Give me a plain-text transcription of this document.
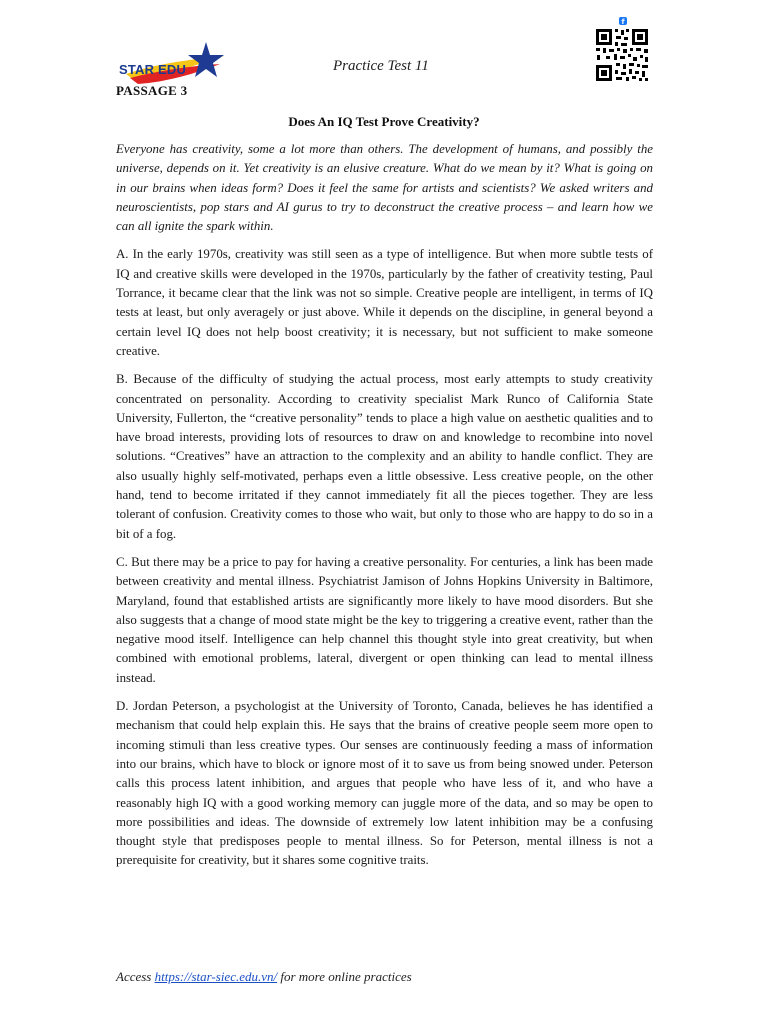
STAR EDU
PASSAGE 3
Practice Test 11
f
Does An IQ Test Prove Creativity?

Everyone has creativity, some a lot more than others. The development of humans, and possibly the universe, depends on it. Yet creativity is an elusive creature. What do we mean by it? What is going on in our brains when ideas form? Does it feel the same for artists and scientists? We asked writers and neuroscientists, pop stars and AI gurus to try to deconstruct the creative process – and learn how we can all ignite the spark within.

A. In the early 1970s, creativity was still seen as a type of intelligence. But when more subtle tests of IQ and creative skills were developed in the 1970s, particularly by the father of creativity testing, Paul Torrance, it became clear that the link was not so simple. Creative people are intelligent, in terms of IQ tests at least, but only averagely or just above. While it depends on the discipline, in general beyond a certain level IQ does not help boost creativity; it is necessary, but not sufficient to make someone creative.

B. Because of the difficulty of studying the actual process, most early attempts to study creativity concentrated on personality. According to creativity specialist Mark Runco of California State University, Fullerton, the “creative personality” tends to place a high value on aesthetic qualities and to have broad interests, providing lots of resources to draw on and knowledge to recombine into novel solutions. “Creatives” have an attraction to the complexity and an ability to handle conflict. They are also usually highly self-motivated, perhaps even a little obsessive. Less creative people, on the other hand, tend to become irritated if they cannot immediately fit all the pieces together. They are less tolerant of confusion. Creativity comes to those who wait, but only to those who are happy to do so in a bit of a fog.

C. But there may be a price to pay for having a creative personality. For centuries, a link has been made between creativity and mental illness. Psychiatrist Jamison of Johns Hopkins University in Baltimore, Maryland, found that established artists are significantly more likely to have mood disorders. But she also suggests that a change of mood state might be the key to triggering a creative event, rather than the negative mood itself. Intelligence can help channel this thought style into great creativity, but when combined with emotional problems, lateral, divergent or open thinking can lead to mental illness instead.

D. Jordan Peterson, a psychologist at the University of Toronto, Canada, believes he has identified a mechanism that could help explain this. He says that the brains of creative people seem more open to incoming stimuli than less creative types. Our senses are continuously feeding a mass of information into our brains, which have to block or ignore most of it to save us from being snowed under. Peterson calls this process latent inhibition, and argues that people who have less of it, and who have a reasonably high IQ with a good working memory can juggle more of the data, and so may be open to more possibilities and ideas. The downside of extremely low latent inhibition may be a confusing thought style that predisposes people to mental illness. So for Peterson, mental illness is not a prerequisite for creativity, but it shares some cognitive traits.

Access https://star-siec.edu.vn/ for more online practices
